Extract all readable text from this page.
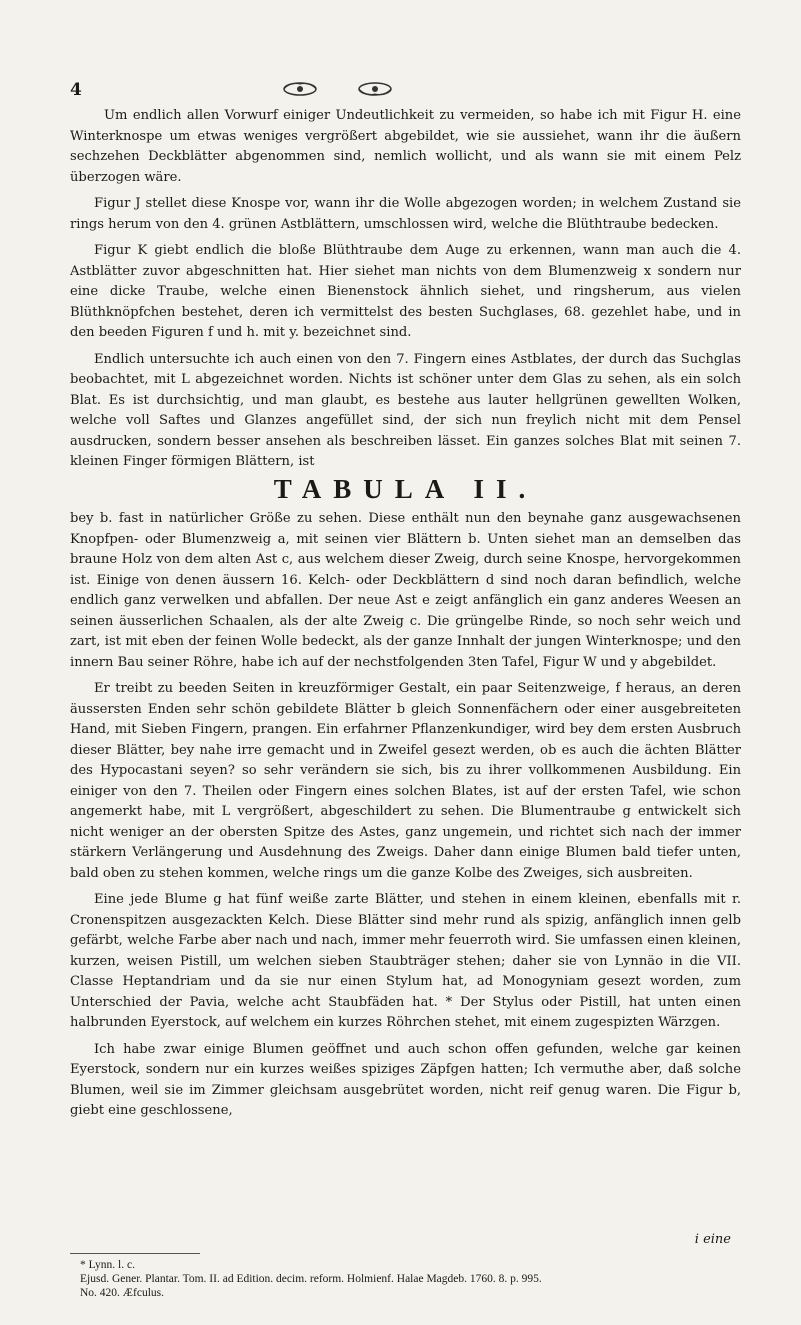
4

Um endlich allen Vorwurf einiger Undeutlichkeit zu vermeiden, so habe ich mit Figur H. eine Winterknospe um etwas weniges vergrößert abgebildet, wie sie aussiehet, wann ihr die äußern sechzehen Deckblätter abgenommen sind, nemlich wollicht, und als wann sie mit einem Pelz überzogen wäre.

Figur J stellet diese Knospe vor, wann ihr die Wolle abgezogen worden; in welchem Zustand sie rings herum von den 4. grünen Astblättern, umschlossen wird, welche die Blüthtraube bedecken.

Figur K giebt endlich die bloße Blüthtraube dem Auge zu erkennen, wann man auch die 4. Astblätter zuvor abgeschnitten hat. Hier siehet man nichts von dem Blumenzweig x sondern nur eine dicke Traube, welche einen Bienenstock ähnlich siehet, und ringsherum, aus vielen Blüthknöpfchen bestehet, deren ich vermittelst des besten Suchglases, 68. gezehlet habe, und in den beeden Figuren f und h. mit y. bezeichnet sind.

Endlich untersuchte ich auch einen von den 7. Fingern eines Astblates, der durch das Suchglas beobachtet, mit L abgezeichnet worden. Nichts ist schöner unter dem Glas zu sehen, als ein solch Blat. Es ist durchsichtig, und man glaubt, es bestehe aus lauter hellgrünen gewellten Wolken, welche voll Saftes und Glanzes angefüllet sind, der sich nun freylich nicht mit dem Pensel ausdrucken, sondern besser ansehen als beschreiben lässet. Ein ganzes solches Blat mit seinen 7. kleinen Finger förmigen Blättern, ist

TABULA II.

bey b. fast in natürlicher Größe zu sehen. Diese enthält nun den beynahe ganz ausgewachsenen Knopfpen- oder Blumenzweig a, mit seinen vier Blättern b. Unten siehet man an demselben das braune Holz von dem alten Ast c, aus welchem dieser Zweig, durch seine Knospe, hervorgekommen ist. Einige von denen äussern 16. Kelch- oder Deckblättern d sind noch daran befindlich, welche endlich ganz verwelken und abfallen. Der neue Ast e zeigt anfänglich ein ganz anderes Weesen an seinen äusserlichen Schaalen, als der alte Zweig c. Die grüngelbe Rinde, so noch sehr weich und zart, ist mit eben der feinen Wolle bedeckt, als der ganze Innhalt der jungen Winterknospe; und den innern Bau seiner Röhre, habe ich auf der nechstfolgenden 3ten Tafel, Figur W und y abgebildet.

Er treibt zu beeden Seiten in kreuzförmiger Gestalt, ein paar Seitenzweige, f heraus, an deren äussersten Enden sehr schön gebildete Blätter b gleich Sonnenfächern oder einer ausgebreiteten Hand, mit Sieben Fingern, prangen. Ein erfahrner Pflanzenkundiger, wird bey dem ersten Ausbruch dieser Blätter, bey nahe irre gemacht und in Zweifel gesezt werden, ob es auch die ächten Blätter des Hypocastani seyen? so sehr verändern sie sich, bis zu ihrer vollkommenen Ausbildung. Ein einiger von den 7. Theilen oder Fingern eines solchen Blates, ist auf der ersten Tafel, wie schon angemerkt habe, mit L vergrößert, abgeschildert zu sehen. Die Blumentraube g entwickelt sich nicht weniger an der obersten Spitze des Astes, ganz ungemein, und richtet sich nach der immer stärkern Verlängerung und Ausdehnung des Zweigs. Daher dann einige Blumen bald tiefer unten, bald oben zu stehen kommen, welche rings um die ganze Kolbe des Zweiges, sich ausbreiten.

Eine jede Blume g hat fünf weiße zarte Blätter, und stehen in einem kleinen, ebenfalls mit r. Cronenspitzen ausgezackten Kelch. Diese Blätter sind mehr rund als spizig, anfänglich innen gelb gefärbt, welche Farbe aber nach und nach, immer mehr feuerroth wird. Sie umfassen einen kleinen, kurzen, weisen Pistill, um welchen sieben Staubträger stehen; daher sie von Lynnäo in die VII. Classe Heptandriam und da sie nur einen Stylum hat, ad Monogyniam gesezt worden, zum Unterschied der Pavia, welche acht Staubfäden hat. * Der Stylus oder Pistill, hat unten einen halbrunden Eyerstock, auf welchem ein kurzes Röhrchen stehet, mit einem zugespizten Wärzgen.

Ich habe zwar einige Blumen geöffnet und auch schon offen gefunden, welche gar keinen Eyerstock, sondern nur ein kurzes weißes spiziges Zäpfgen hatten; Ich vermuthe aber, daß solche Blumen, weil sie im Zimmer gleichsam ausgebrütet worden, nicht reif genug waren. Die Figur b, giebt eine geschlossene,

i eine
* Lynn. l. c.
Ejusd. Gener. Plantar. Tom. II. ad Edition. decim. reform. Holmienf. Halae Magdeb. 1760. 8. p. 995.
No. 420. Æfculus.
